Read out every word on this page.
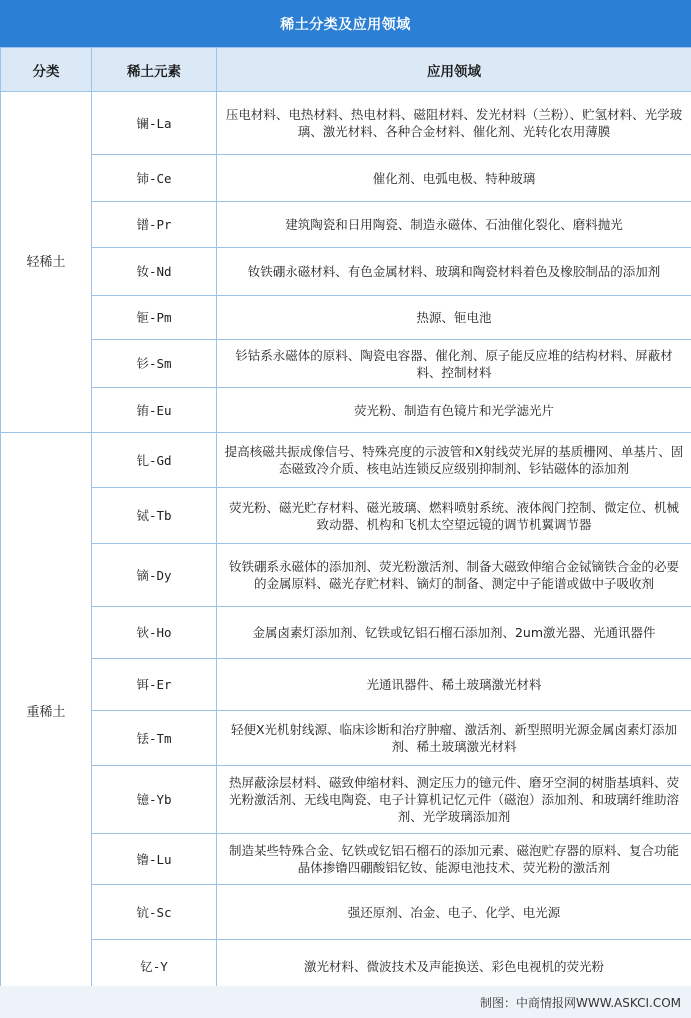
稀土分类及应用领域
分类	稀土元素	应用领域
轻稀土	镧-La	压电材料、电热材料、热电材料、磁阻材料、发光材料（兰粉）、贮氢材料、光学玻璃、激光材料、各种合金材料、催化剂、光转化农用薄膜
	铈-Ce	催化剂、电弧电极、特种玻璃
	镨-Pr	建筑陶瓷和日用陶瓷、制造永磁体、石油催化裂化、磨料抛光
	钕-Nd	钕铁硼永磁材料、有色金属材料、玻璃和陶瓷材料着色及橡胶制品的添加剂
	钷-Pm	热源、钷电池
	钐-Sm	钐钴系永磁体的原料、陶瓷电容器、催化剂、原子能反应堆的结构材料、屏蔽材料、控制材料
	铕-Eu	荧光粉、制造有色镜片和光学滤光片
重稀土	钆-Gd	提高核磁共振成像信号、特殊亮度的示波管和X射线荧光屏的基质栅网、单基片、固态磁致冷介质、核电站连锁反应级别抑制剂、钐钴磁体的添加剂
	铽-Tb	荧光粉、磁光贮存材料、磁光玻璃、燃料喷射系统、液体阀门控制、微定位、机械致动器、机构和飞机太空望远镜的调节机翼调节器
	镝-Dy	钕铁硼系永磁体的添加剂、荧光粉激活剂、制备大磁致伸缩合金铽镝铁合金的必要的金属原料、磁光存贮材料、镝灯的制备、测定中子能谱或做中子吸收剂
	钬-Ho	金属卤素灯添加剂、钇铁或钇铝石榴石添加剂、2um激光器、光通讯器件
	铒-Er	光通讯器件、稀土玻璃激光材料
	铥-Tm	轻便X光机射线源、临床诊断和治疗肿瘤、激活剂、新型照明光源金属卤素灯添加剂、稀土玻璃激光材料
	镱-Yb	热屏蔽涂层材料、磁致伸缩材料、测定压力的镱元件、磨牙空洞的树脂基填料、荧光粉激活剂、无线电陶瓷、电子计算机记忆元件（磁泡）添加剂、和玻璃纤维助溶剂、光学玻璃添加剂
	镥-Lu	制造某些特殊合金、钇铁或钇铝石榴石的添加元素、磁泡贮存器的原料、复合功能晶体掺镥四硼酸铝钇钕、能源电池技术、荧光粉的激活剂
	钪-Sc	强还原剂、冶金、电子、化学、电光源
	钇-Y	激光材料、微波技术及声能换送、彩色电视机的荧光粉
制图：中商情报网WWW.ASKCI.COM
